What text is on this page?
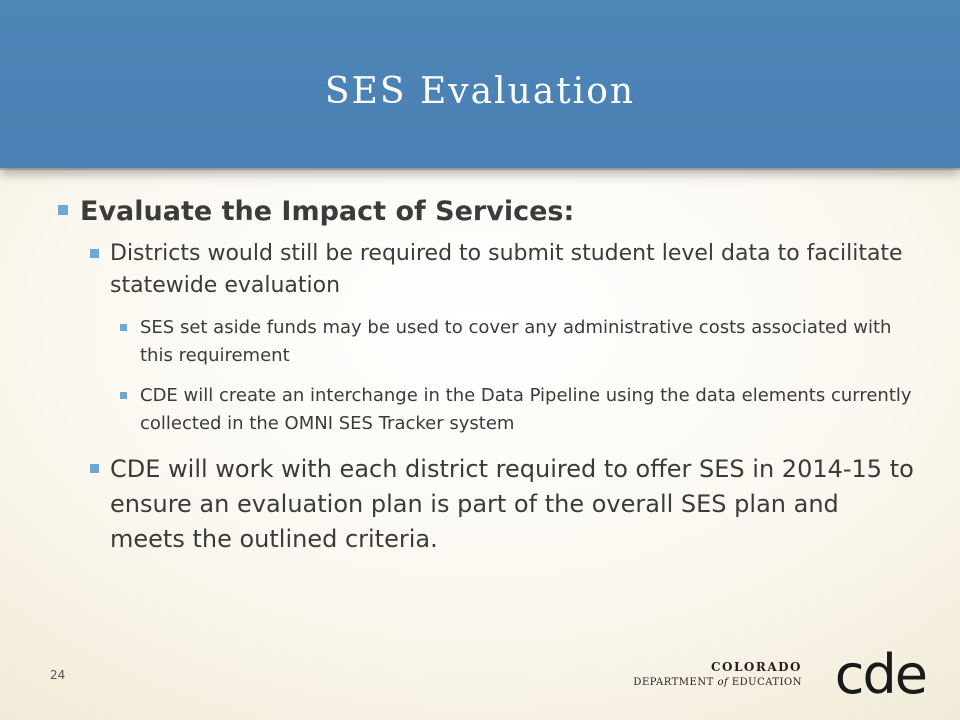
SES Evaluation
Evaluate the Impact of Services:
Districts would still be required to submit student level data to facilitate statewide evaluation
SES set aside funds may be used to cover any administrative costs associated with this requirement
CDE will create an interchange in the Data Pipeline using the data elements currently collected in the OMNI SES Tracker system
CDE will work with each district required to offer SES in 2014-15 to ensure an evaluation plan is part of the overall SES plan and meets the outlined criteria.
24
COLORADO
DEPARTMENT of EDUCATION cde
